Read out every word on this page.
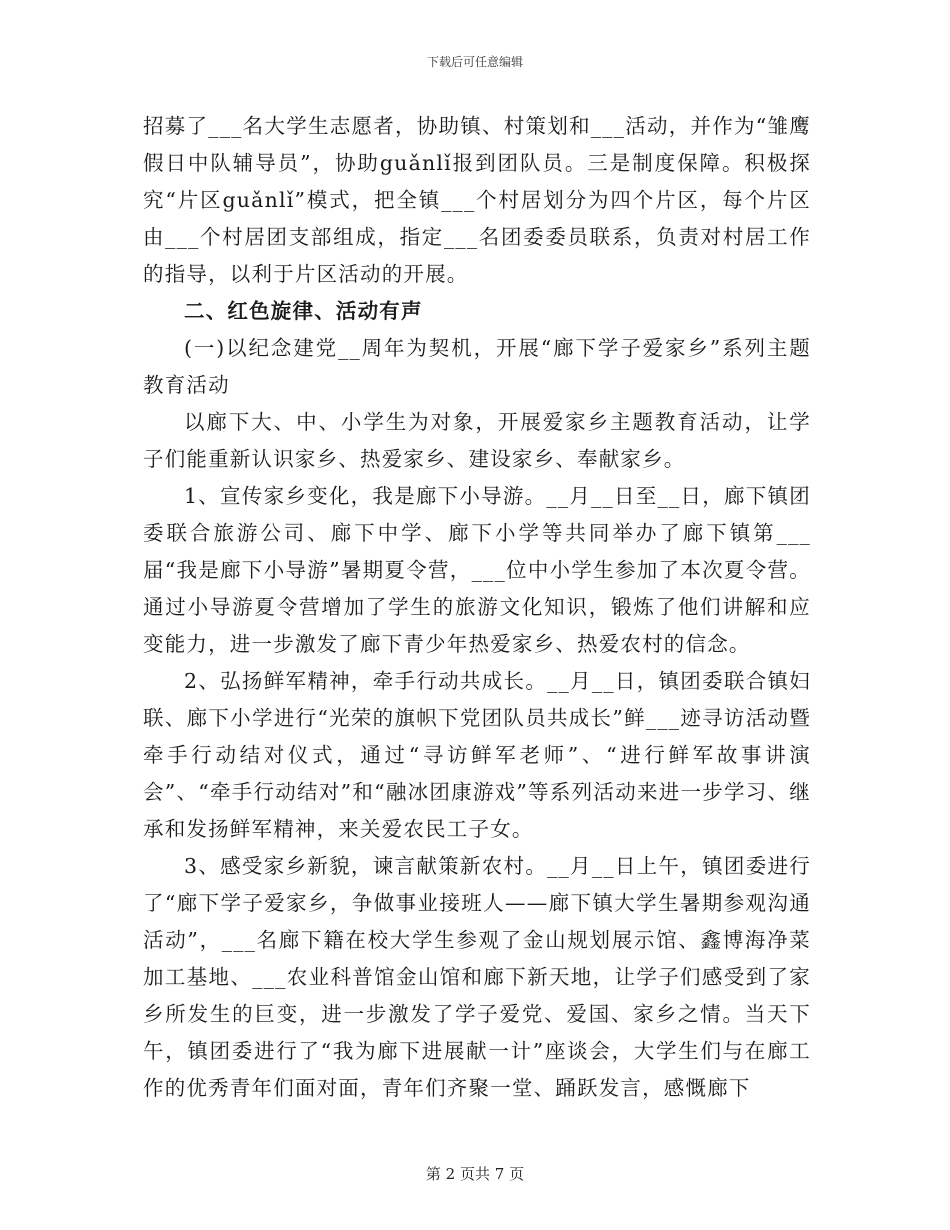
下载后可任意编辑

招募了___名大学生志愿者，协助镇、村策划和___活动，并作为“雏鹰假日中队辅导员”，协助guǎnlǐ报到团队员。三是制度保障。积极探究“片区guǎnlǐ”模式，把全镇___个村居划分为四个片区，每个片区由___个村居团支部组成，指定___名团委委员联系，负责对村居工作的指导，以利于片区活动的开展。

二、红色旋律、活动有声

(一)以纪念建党__周年为契机，开展“廊下学子爱家乡”系列主题教育活动

以廊下大、中、小学生为对象，开展爱家乡主题教育活动，让学子们能重新认识家乡、热爱家乡、建设家乡、奉献家乡。

1、宣传家乡变化，我是廊下小导游。__月__日至__日，廊下镇团委联合旅游公司、廊下中学、廊下小学等共同举办了廊下镇第___届“我是廊下小导游”暑期夏令营，___位中小学生参加了本次夏令营。通过小导游夏令营增加了学生的旅游文化知识，锻炼了他们讲解和应变能力，进一步激发了廊下青少年热爱家乡、热爱农村的信念。

2、弘扬鲜军精神，牵手行动共成长。__月__日，镇团委联合镇妇联、廊下小学进行“光荣的旗帜下党团队员共成长”鲜___迹寻访活动暨牵手行动结对仪式，通过“寻访鲜军老师”、“进行鲜军故事讲演会”、“牵手行动结对”和“融冰团康游戏”等系列活动来进一步学习、继承和发扬鲜军精神，来关爱农民工子女。

3、感受家乡新貌，谏言献策新农村。__月__日上午，镇团委进行了“廊下学子爱家乡，争做事业接班人——廊下镇大学生暑期参观沟通活动”，___名廊下籍在校大学生参观了金山规划展示馆、鑫博海净菜加工基地、___农业科普馆金山馆和廊下新天地，让学子们感受到了家乡所发生的巨变，进一步激发了学子爱党、爱国、家乡之情。当天下午，镇团委进行了“我为廊下进展献一计”座谈会，大学生们与在廊工作的优秀青年们面对面，青年们齐聚一堂、踊跃发言，感慨廊下

第 2 页共 7 页
